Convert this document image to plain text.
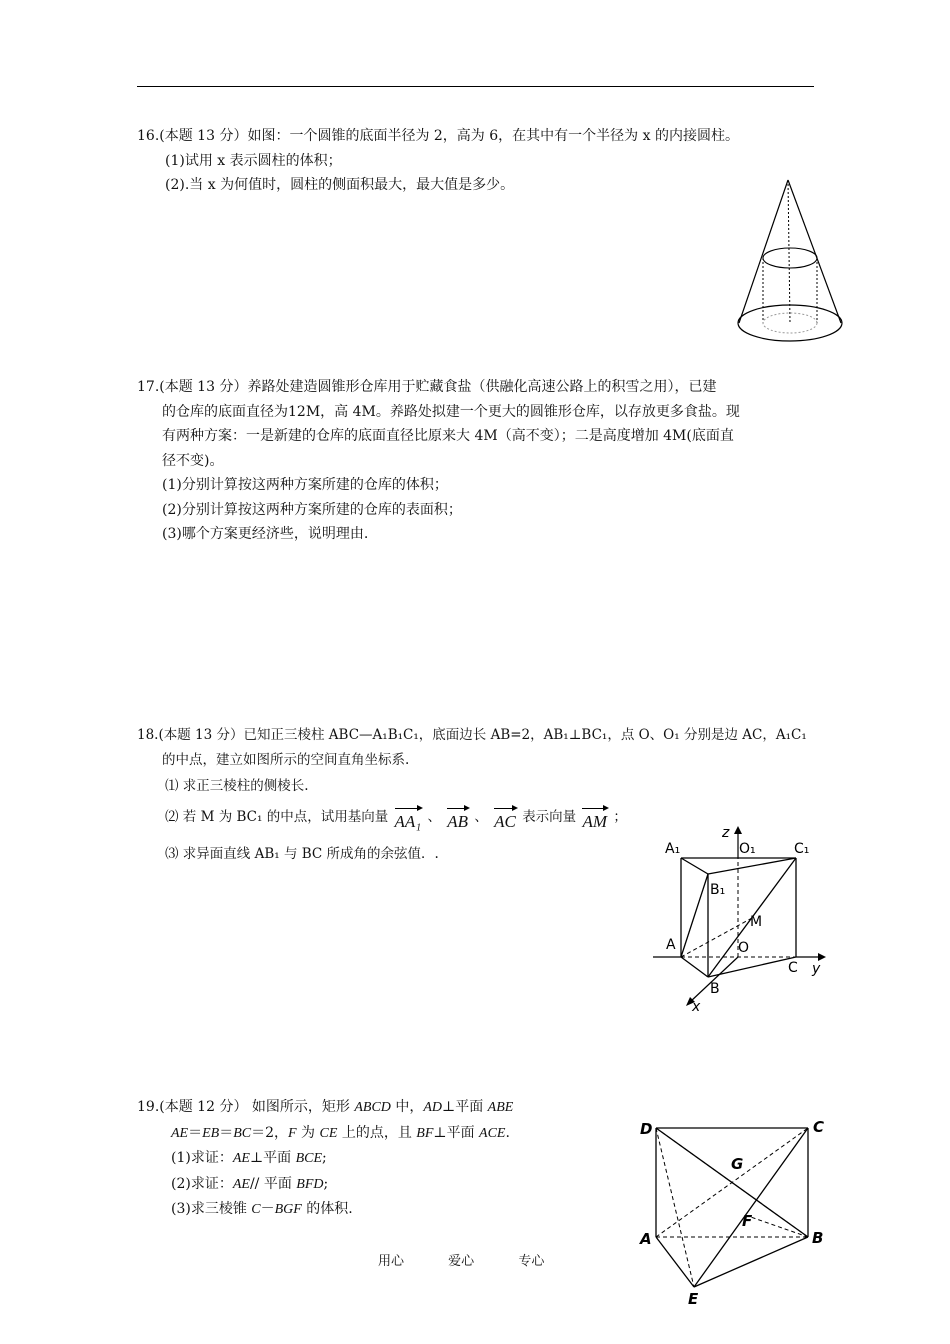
16.(本题 13 分）如图：一个圆锥的底面半径为 2，高为 6，在其中有一个半径为 x 的内接圆柱。
(1)试用 x 表示圆柱的体积；
(2).当 x 为何值时，圆柱的侧面积最大，最大值是多少。
17.(本题 13 分）养路处建造圆锥形仓库用于贮藏食盐（供融化高速公路上的积雪之用），已建
的仓库的底面直径为12M，高 4M。养路处拟建一个更大的圆锥形仓库，以存放更多食盐。现
有两种方案：一是新建的仓库的底面直径比原来大 4M（高不变）；二是高度增加 4M(底面直
径不变)。
(1)分别计算按这两种方案所建的仓库的体积；
(2)分别计算按这两种方案所建的仓库的表面积；
(3)哪个方案更经济些，说明理由.
18.(本题 13 分）已知正三棱柱 ABC—A₁B₁C₁，底面边长 AB=2，AB₁⊥BC₁，点 O、O₁ 分别是边 AC，A₁C₁
的中点，建立如图所示的空间直角坐标系.
⑴ 求正三棱柱的侧棱长.
⑵ 若 M 为 BC₁ 的中点，试用基向量 AA₁ 、 AB 、 AC 表示向量 AM ；
⑶ 求异面直线 AB₁ 与 BC 所成角的余弦值．.
z
A₁	O₁	C₁
B₁
M
A	O
C y
B
x
19.(本题 12 分） 如图所示，矩形 ABCD 中，AD⊥平面 ABE
AE＝EB＝BC＝2，F 为 CE 上的点，且 BF⊥平面 ACE.
(1)求证：AE⊥平面 BCE;
(2)求证：AE// 平面 BFD;
(3)求三棱锥 C－BGF 的体积.
D	C
G
F
A	B
E
用心	爱心	专心
